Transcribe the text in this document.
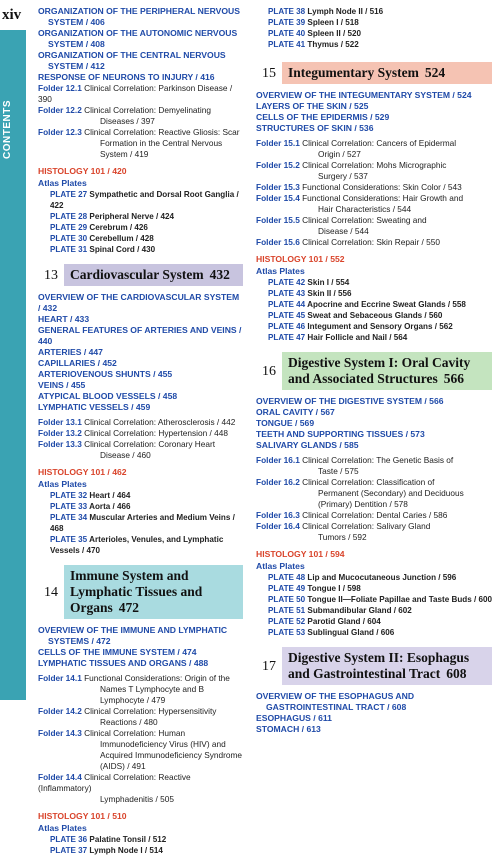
xiv
CONTENTS
ORGANIZATION OF THE PERIPHERAL NERVOUS
SYSTEM / 406
ORGANIZATION OF THE AUTONOMIC NERVOUS
SYSTEM / 408
ORGANIZATION OF THE CENTRAL NERVOUS
SYSTEM / 412
RESPONSE OF NEURONS TO INJURY / 416
Folder 12.1 Clinical Correlation: Parkinson Disease / 390
Folder 12.2 Clinical Correlation: Demyelinating
Diseases / 397
Folder 12.3 Clinical Correlation: Reactive Gliosis: Scar
Formation in the Central Nervous System / 419
HISTOLOGY 101 / 420
Atlas Plates
PLATE 27 Sympathetic and Dorsal Root Ganglia / 422
PLATE 28 Peripheral Nerve / 424
PLATE 29 Cerebrum / 426
PLATE 30 Cerebellum / 428
PLATE 31 Spinal Cord / 430
13 Cardiovascular System 432
OVERVIEW OF THE CARDIOVASCULAR SYSTEM / 432
HEART / 433
GENERAL FEATURES OF ARTERIES AND VEINS / 440
ARTERIES / 447
CAPILLARIES / 452
ARTERIOVENOUS SHUNTS / 455
VEINS / 455
ATYPICAL BLOOD VESSELS / 458
LYMPHATIC VESSELS / 459
Folder 13.1 Clinical Correlation: Atherosclerosis / 442
Folder 13.2 Clinical Correlation: Hypertension / 448
Folder 13.3 Clinical Correlation: Coronary Heart
Disease / 460
HISTOLOGY 101 / 462
Atlas Plates
PLATE 32 Heart / 464
PLATE 33 Aorta / 466
PLATE 34 Muscular Arteries and Medium Veins / 468
PLATE 35 Arterioles, Venules, and Lymphatic Vessels / 470
14
Immune System and Lymphatic Tissues and Organs 472
OVERVIEW OF THE IMMUNE AND LYMPHATIC
SYSTEMS / 472
CELLS OF THE IMMUNE SYSTEM / 474
LYMPHATIC TISSUES AND ORGANS / 488
Folder 14.1 Functional Considerations: Origin of the
Names T Lymphocyte and B Lymphocyte / 479
Folder 14.2 Clinical Correlation: Hypersensitivity
Reactions / 480
Folder 14.3 Clinical Correlation: Human
Immunodeficiency Virus (HIV) and Acquired Immunodeficiency Syndrome (AIDS) / 491
Folder 14.4 Clinical Correlation: Reactive (Inflammatory)
Lymphadenitis / 505
HISTOLOGY 101 / 510
Atlas Plates
PLATE 36 Palatine Tonsil / 512
PLATE 37 Lymph Node I / 514
PLATE 38 Lymph Node II / 516
PLATE 39 Spleen I / 518
PLATE 40 Spleen II / 520
PLATE 41 Thymus / 522
15 Integumentary System 524
OVERVIEW OF THE INTEGUMENTARY SYSTEM / 524
LAYERS OF THE SKIN / 525
CELLS OF THE EPIDERMIS / 529
STRUCTURES OF SKIN / 536
Folder 15.1 Clinical Correlation: Cancers of Epidermal
Origin / 527
Folder 15.2 Clinical Correlation: Mohs Micrographic
Surgery / 537
Folder 15.3 Functional Considerations: Skin Color / 543
Folder 15.4 Functional Considerations: Hair Growth and
Hair Characteristics / 544
Folder 15.5 Clinical Correlation: Sweating and
Disease / 544
Folder 15.6 Clinical Correlation: Skin Repair / 550
HISTOLOGY 101 / 552
Atlas Plates
PLATE 42 Skin I / 554
PLATE 43 Skin II / 556
PLATE 44 Apocrine and Eccrine Sweat Glands / 558
PLATE 45 Sweat and Sebaceous Glands / 560
PLATE 46 Integument and Sensory Organs / 562
PLATE 47 Hair Follicle and Nail / 564
16
Digestive System I: Oral Cavity and Associated Structures 566
OVERVIEW OF THE DIGESTIVE SYSTEM / 566
ORAL CAVITY / 567
TONGUE / 569
TEETH AND SUPPORTING TISSUES / 573
SALIVARY GLANDS / 585
Folder 16.1 Clinical Correlation: The Genetic Basis of
Taste / 575
Folder 16.2 Clinical Correlation: Classification of
Permanent (Secondary) and Deciduous (Primary) Dentition / 578
Folder 16.3 Clinical Correlation: Dental Caries / 586
Folder 16.4 Clinical Correlation: Salivary Gland
Tumors / 592
HISTOLOGY 101 / 594
Atlas Plates
PLATE 48 Lip and Mucocutaneous Junction / 596
PLATE 49 Tongue I / 598
PLATE 50 Tongue II—Foliate Papillae and Taste Buds / 600
PLATE 51 Submandibular Gland / 602
PLATE 52 Parotid Gland / 604
PLATE 53 Sublingual Gland / 606
17
Digestive System II: Esophagus and Gastrointestinal Tract 608
OVERVIEW OF THE ESOPHAGUS AND
GASTROINTESTINAL TRACT / 608
ESOPHAGUS / 611
STOMACH / 613
